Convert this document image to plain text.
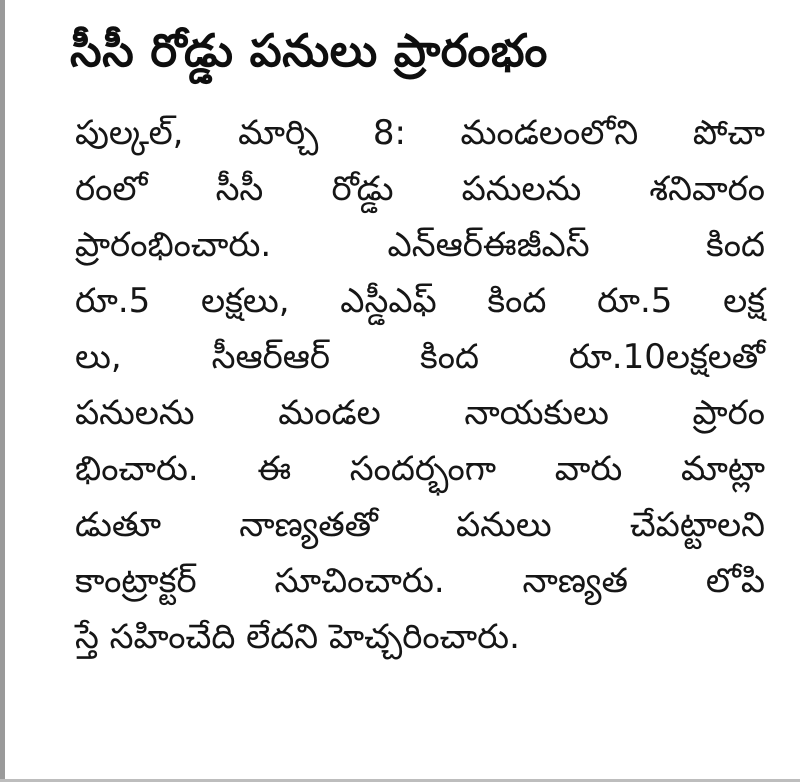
సీసీ రోడ్డు పనులు ప్రారంభం
పుల్కల్, మార్చి 8: మండలంలోని పోచా
రంలో సీసీ రోడ్డు పనులను శనివారం
ప్రారంభించారు. ఎన్ఆర్ఈజీఎస్ కింద
రూ.5 లక్షలు, ఎస్డీఎఫ్ కింద రూ.5 లక్ష
లు, సీఆర్ఆర్ కింద రూ.10లక్షలతో
పనులను మండల నాయకులు ప్రారం
భించారు. ఈ సందర్భంగా వారు మాట్లా
డుతూ నాణ్యతతో పనులు చేపట్టాలని
కాంట్రాక్టర్ సూచించారు. నాణ్యత లోపి
స్తే సహించేది లేదని హెచ్చరించారు.
